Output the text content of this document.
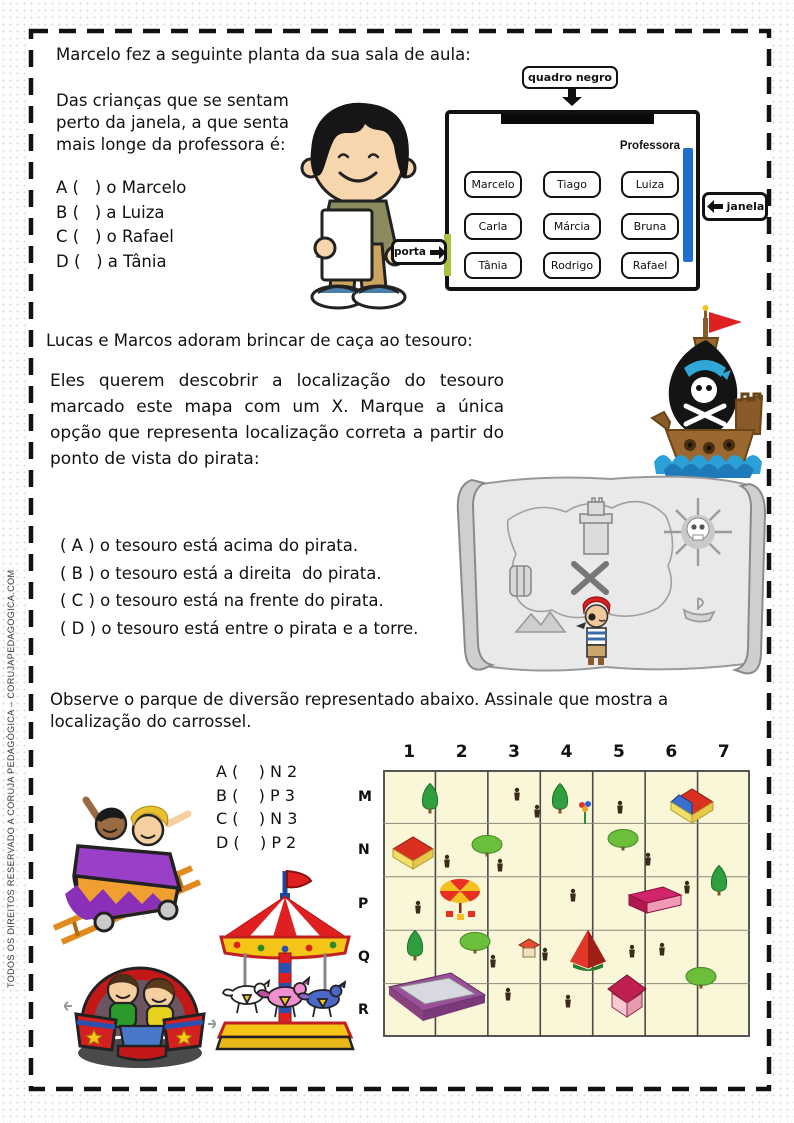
TODOS OS DIREITOS RESERVADO A CORUJA PEDAGÓGICA – CORUJAPEDAGOGICA.COM
Marcelo fez a seguinte planta da sua sala de aula:
Das crianças que se sentam
perto da janela, a que senta
mais longe da professora é:
A (   ) o Marcelo
B (   ) a Luiza
C (   ) o Rafael
D (   ) a Tânia
quadro negro
Professora
Marcelo	Tiago	Luiza
Carla	Márcia	Bruna
Tânia	Rodrigo	Rafael
porta
janela
Lucas e Marcos adoram brincar de caça ao tesouro:
Eles querem descobrir a localização do tesouro marcado este mapa com um X. Marque a única opção que representa localização correta a partir do ponto de vista do pirata:
( A ) o tesouro está acima do pirata.
( B ) o tesouro está a direita  do pirata.
( C ) o tesouro está na frente do pirata.
( D ) o tesouro está entre o pirata e a torre.
Observe o parque de diversão representado abaixo. Assinale que mostra a localização do carrossel.
A (    ) N 2
B (    ) P 3
C (    ) N 3
D (    ) P 2
1 2 3 4 5 6 7
M
N
P
Q
R
